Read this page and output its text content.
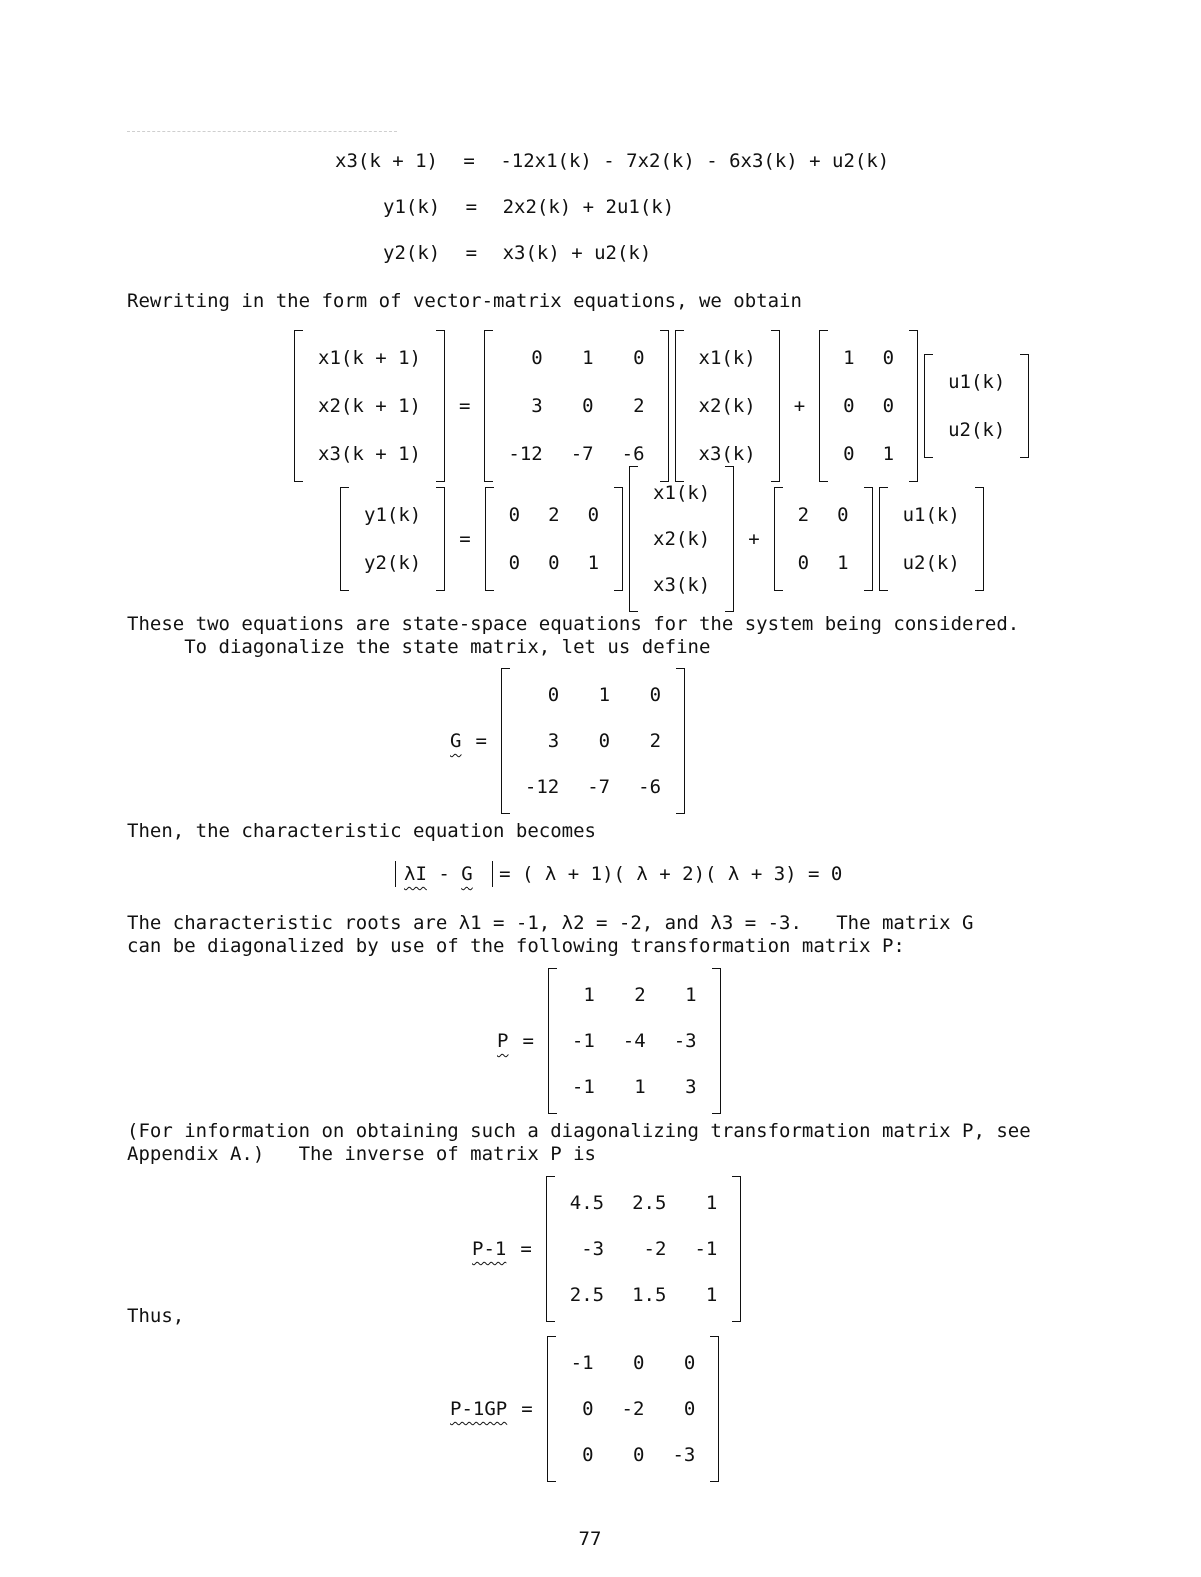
x3(k + 1) = -12x1(k) - 7x2(k) - 6x3(k) + u2(k)
y1(k) = 2x2(k) + 2u1(k)
y2(k) = x3(k) + u2(k)
Rewriting in the form of vector-matrix equations, we obtain
x1(k + 1)
x2(k + 1)
x3(k + 1)
=
0	1	0
3	0	2
-12	-7	-6
x1(k)
x2(k)
x3(k)
+
1	0
0	0
0	1
u1(k)
u2(k)
y1(k)
y2(k)
=
0	2	0
0	0	1
x1(k)
x2(k)
x3(k)
+
2	0
0	1
u1(k)
u2(k)
These two equations are state-space equations for the system being considered.
To diagonalize the state matrix, let us define
G =
0	1	0
3	0	2
-12	-7	-6
Then, the characteristic equation becomes
λI - G = ( λ + 1)( λ + 2)( λ + 3) = 0
The characteristic roots are λ1 = -1, λ2 = -2, and λ3 = -3.   The matrix G
can be diagonalized by use of the following transformation matrix P:
P =
1	2	1
-1	-4	-3
-1	1	3
(For information on obtaining such a diagonalizing transformation matrix P, see
Appendix A.)   The inverse of matrix P is
P-1 =
4.5	2.5	1
-3	-2	-1
2.5	1.5	1
Thus,
P-1GP =
-1	0	0
0	-2	0
0	0	-3
77
